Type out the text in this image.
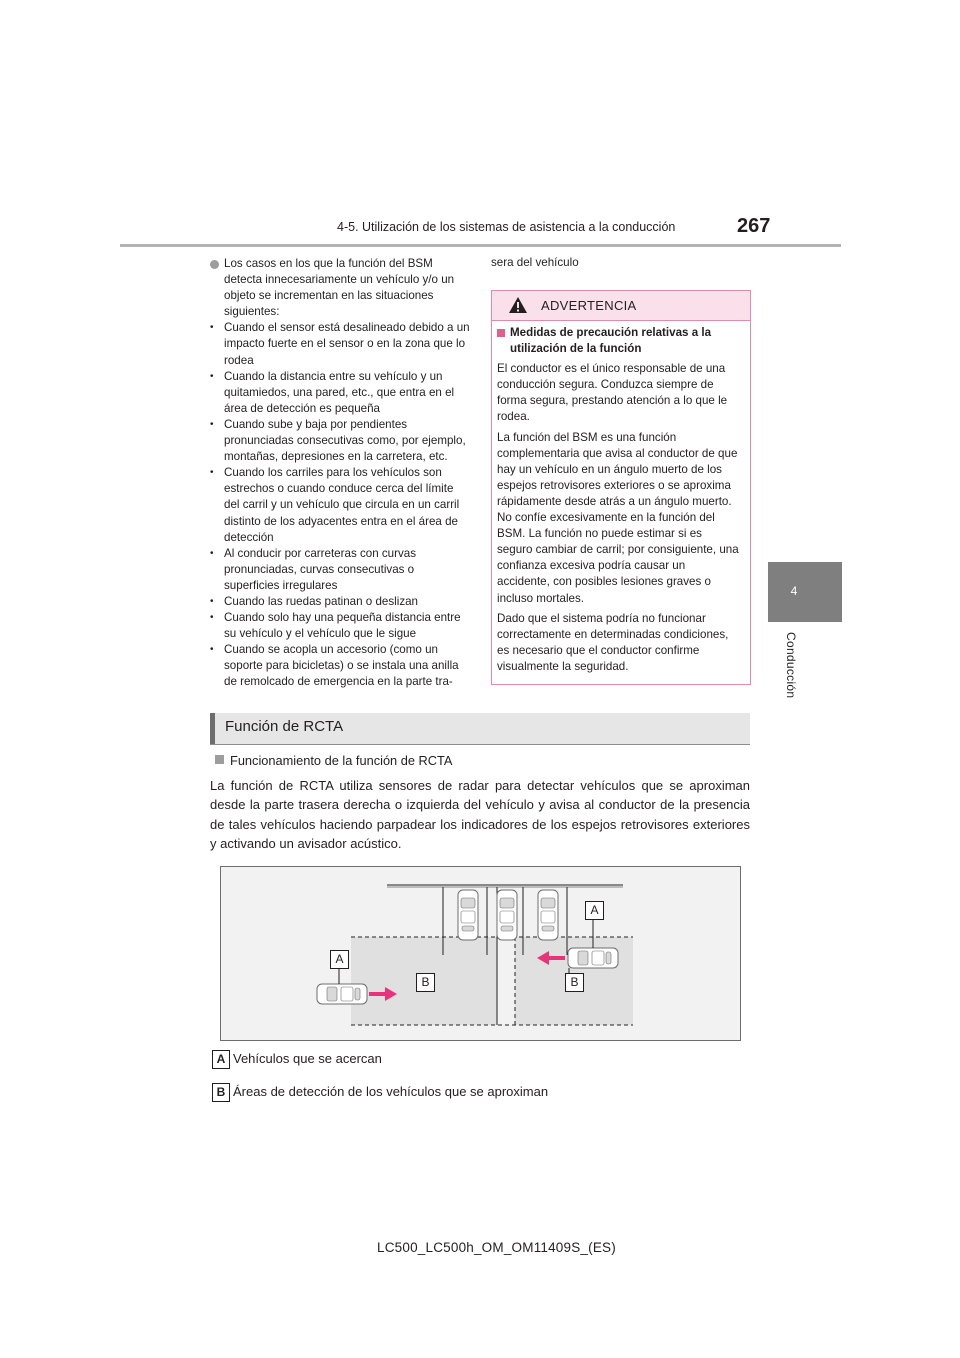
4-5. Utilización de los sistemas de asistencia a la conducción	267
4
Conducción
Los casos en los que la función del BSM detecta innecesariamente un vehículo y/o un objeto se incrementan en las situaciones siguientes:
• Cuando el sensor está desalineado debido a un impacto fuerte en el sensor o en la zona que lo rodea
• Cuando la distancia entre su vehículo y un quitamiedos, una pared, etc., que entra en el área de detección es pequeña
• Cuando sube y baja por pendientes pronunciadas consecutivas como, por ejemplo, montañas, depresiones en la carretera, etc.
• Cuando los carriles para los vehículos son estrechos o cuando conduce cerca del límite del carril y un vehículo que circula en un carril distinto de los adyacentes entra en el área de detección
• Al conducir por carreteras con curvas pronunciadas, curvas consecutivas o superficies irregulares
• Cuando las ruedas patinan o deslizan
• Cuando solo hay una pequeña distancia entre su vehículo y el vehículo que le sigue
• Cuando se acopla un accesorio (como un soporte para bicicletas) o se instala una anilla de remolcado de emergencia en la parte tra-
sera del vehículo
ADVERTENCIA
Medidas de precaución relativas a la utilización de la función

El conductor es el único responsable de una conducción segura. Conduzca siempre de forma segura, prestando atención a lo que le rodea.

La función del BSM es una función complementaria que avisa al conductor de que hay un vehículo en un ángulo muerto de los espejos retrovisores exteriores o se aproxima rápidamente desde atrás a un ángulo muerto. No confíe excesivamente en la función del BSM. La función no puede estimar si es seguro cambiar de carril; por consiguiente, una confianza excesiva podría causar un accidente, con posibles lesiones graves o incluso mortales.

Dado que el sistema podría no funcionar correctamente en determinadas condiciones, es necesario que el conductor confirme visualmente la seguridad.

Función de RCTA
Funcionamiento de la función de RCTA
La función de RCTA utiliza sensores de radar para detectar vehículos que se aproximan desde la parte trasera derecha o izquierda del vehículo y avisa al conductor de la presencia de tales vehículos haciendo parpadear los indicadores de los espejos retrovisores exteriores y activando un avisador acústico.
A
A
B	B
A Vehículos que se acercan
B Áreas de detección de los vehículos que se aproximan
LC500_LC500h_OM_OM11409S_(ES)
